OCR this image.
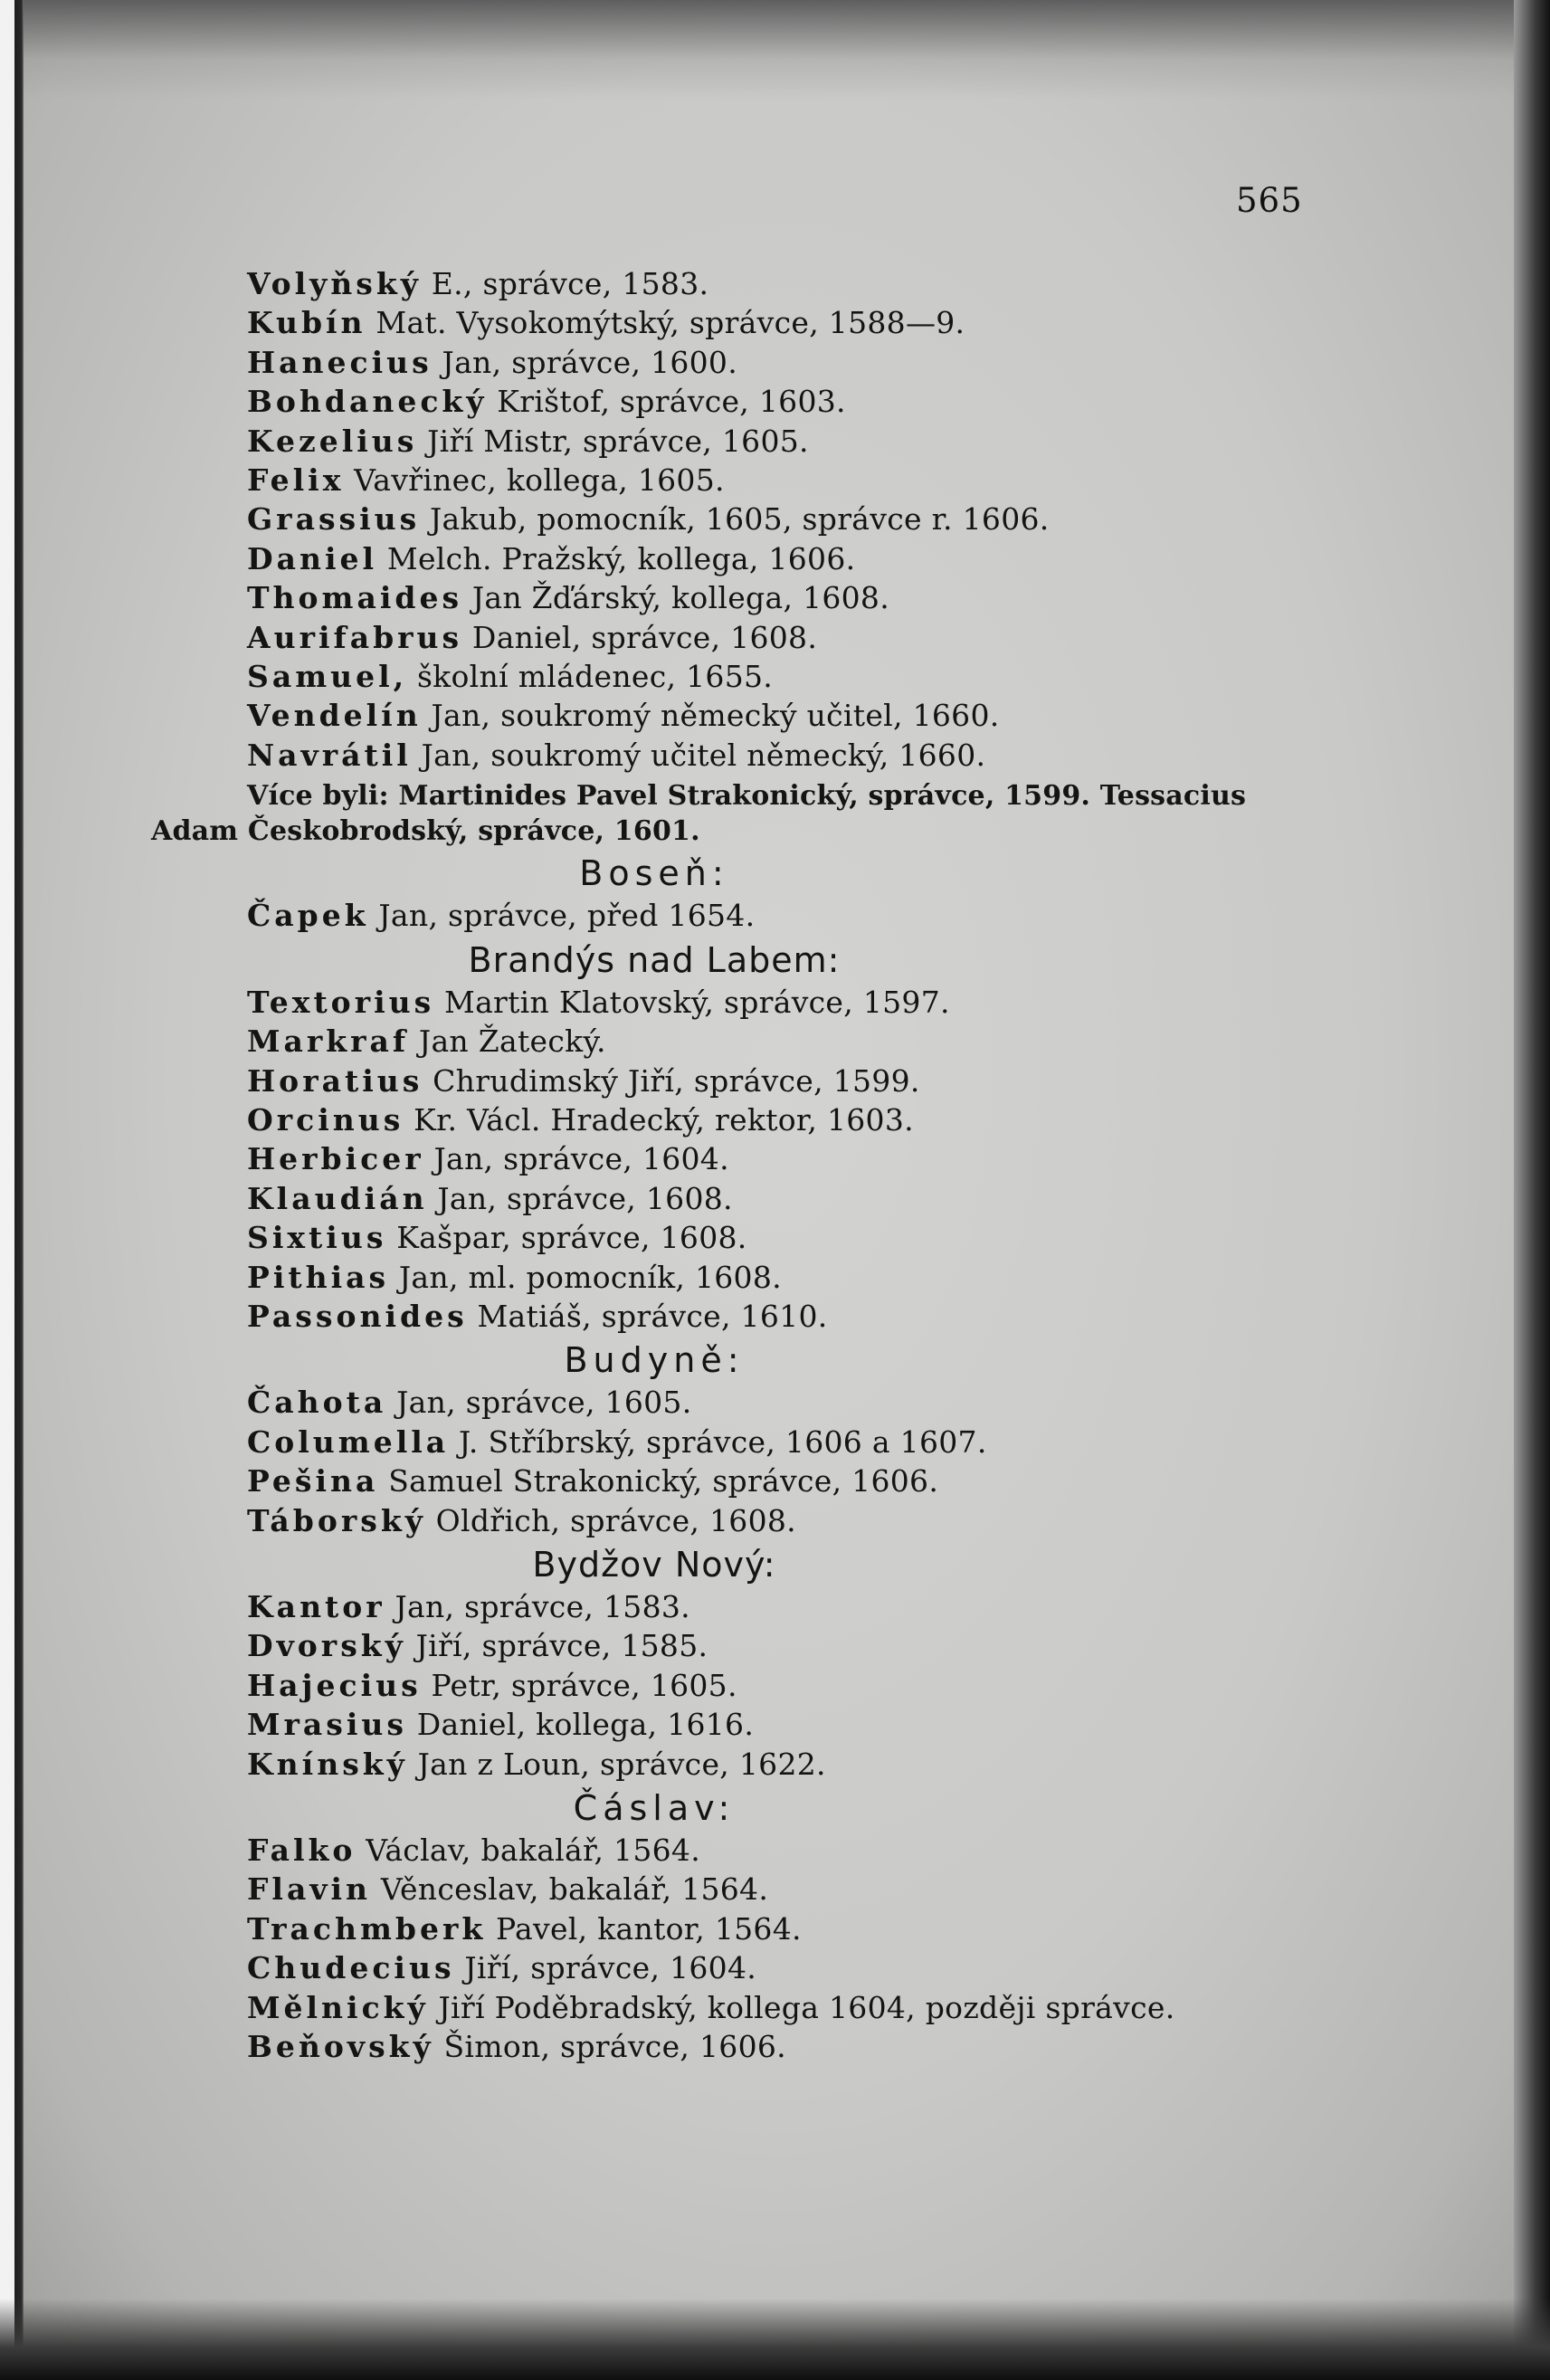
565
Volyňský E., správce, 1583.
Kubín Mat. Vysokomýtský, správce, 1588—9.
Hanecius Jan, správce, 1600.
Bohdanecký Krištof, správce, 1603.
Kezelius Jiří Mistr, správce, 1605.
Felix Vavřinec, kollega, 1605.
Grassius Jakub, pomocník, 1605, správce r. 1606.
Daniel Melch. Pražský, kollega, 1606.
Thomaides Jan Žďárský, kollega, 1608.
Aurifabrus Daniel, správce, 1608.
Samuel, školní mládenec, 1655.
Vendelín Jan, soukromý německý učitel, 1660.
Navrátil Jan, soukromý učitel německý, 1660.
Více byli: Martinides Pavel Strakonický, správce, 1599. Tessacius
Adam Českobrodský, správce, 1601.
Boseň:
Čapek Jan, správce, před 1654.
Brandýs nad Labem:
Textorius Martin Klatovský, správce, 1597.
Markraf Jan Žatecký.
Horatius Chrudimský Jiří, správce, 1599.
Orcinus Kr. Václ. Hradecký, rektor, 1603.
Herbicer Jan, správce, 1604.
Klaudián Jan, správce, 1608.
Sixtius Kašpar, správce, 1608.
Pithias Jan, ml. pomocník, 1608.
Passonides Matiáš, správce, 1610.
Budyně:
Čahota Jan, správce, 1605.
Columella J. Stříbrský, správce, 1606 a 1607.
Pešina Samuel Strakonický, správce, 1606.
Táborský Oldřich, správce, 1608.
Bydžov Nový:
Kantor Jan, správce, 1583.
Dvorský Jiří, správce, 1585.
Hajecius Petr, správce, 1605.
Mrasius Daniel, kollega, 1616.
Knínský Jan z Loun, správce, 1622.
Čáslav:
Falko Václav, bakalář, 1564.
Flavin Věnceslav, bakalář, 1564.
Trachmberk Pavel, kantor, 1564.
Chudecius Jiří, správce, 1604.
Mělnický Jiří Poděbradský, kollega 1604, později správce.
Beňovský Šimon, správce, 1606.
